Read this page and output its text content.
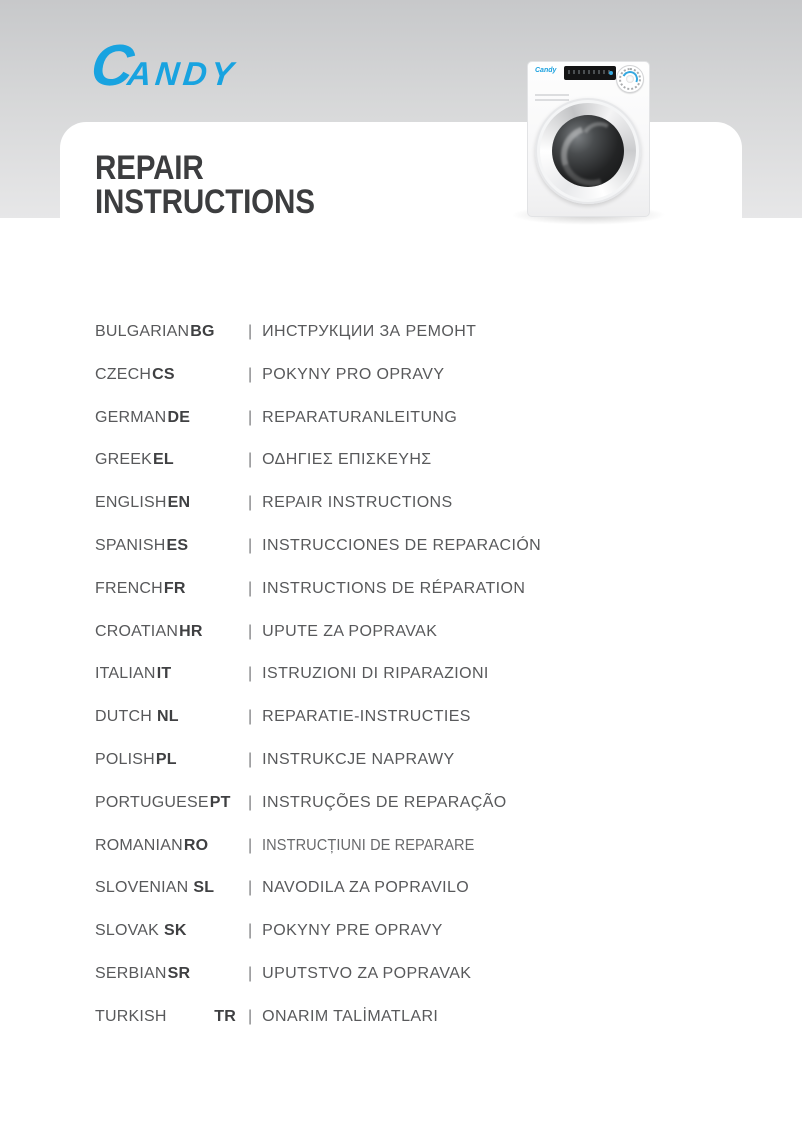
C
ANDY
REPAIR
INSTRUCTIONS
Candy
BULGARIAN BG | ИНСТРУКЦИИ ЗА РЕМОНТ
CZECH CS	| POKYNY PRO OPRAVY
GERMAN DE	| REPARATURANLEITUNG
GREEK EL	| ΟΔΗΓΙΕΣ ΕΠΙΣΚΕΥΗΣ
ENGLISH EN	| REPAIR INSTRUCTIONS
SPANISH ES	| INSTRUCCIONES DE REPARACIÓN
FRENCH FR	| INSTRUCTIONS DE RÉPARATION
CROATIAN HR	| UPUTE ZA POPRAVAK
ITALIAN IT	| ISTRUZIONI DI RIPARAZIONI
DUTCH NL	| REPARATIE-INSTRUCTIES
POLISH PL	| INSTRUKCJE NAPRAWY
PORTUGUESE PT | INSTRUÇÕES DE REPARAÇÃO
ROMANIAN RO | INSTRUCȚIUNI DE REPARARE
SLOVENIAN SL | NAVODILA ZA POPRAVILO
SLOVAK SK	| POKYNY PRE OPRAVY
SERBIAN SR	| UPUTSTVO ZA POPRAVAK
TURKISH	TR | ONARIM TALİMATLARI
